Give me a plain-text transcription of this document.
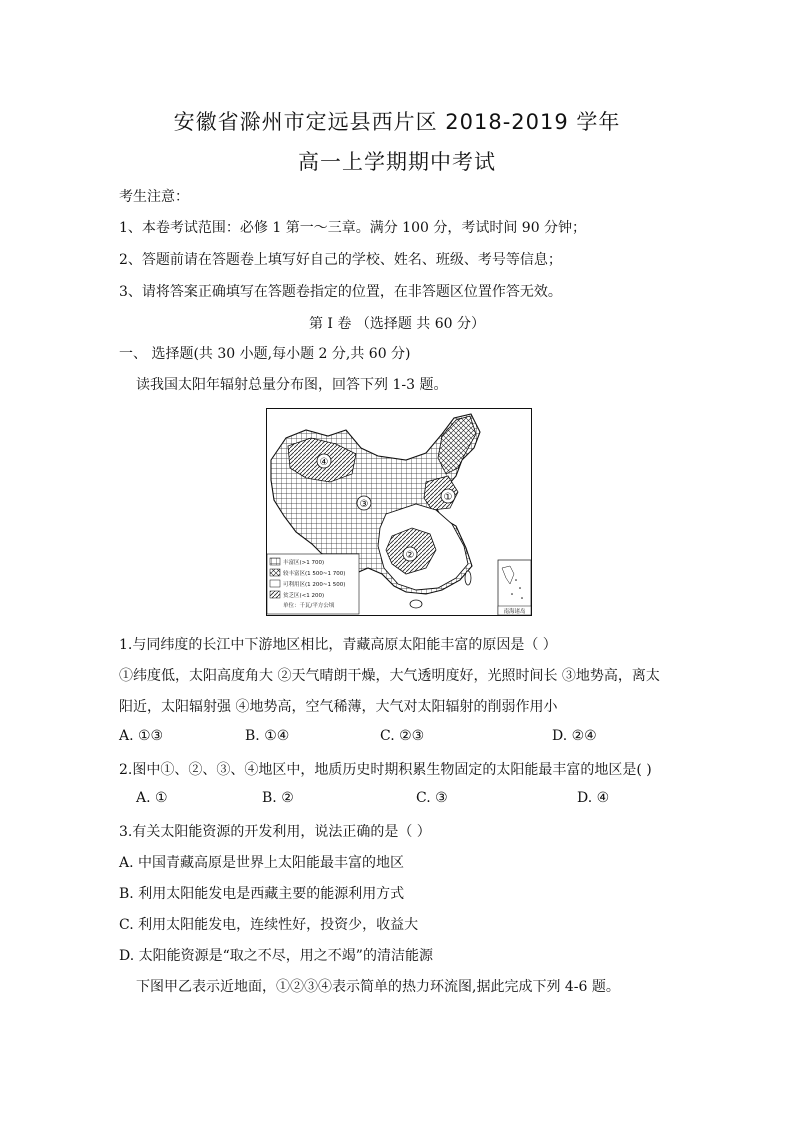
安徽省滁州市定远县西片区 2018-2019 学年
高一上学期期中考试
考生注意：
1、本卷考试范围：必修 1 第一～三章。满分 100 分，考试时间 90 分钟；
2、答题前请在答题卷上填写好自己的学校、姓名、班级、考号等信息；
3、请将答案正确填写在答题卷指定的位置，在非答题区位置作答无效。
第 I 卷 （选择题 共 60 分）
一、 选择题(共 30 小题,每小题 2 分,共 60 分)
读我国太阳年辐射总量分布图，回答下列 1-3 题。
④
③
①
②
丰富区(>1 700)
较丰富区(1 500~1 700)
可利用区(1 200~1 500)
贫乏区(<1 200)
单位：千瓦/平方公顷
南海诸岛
1.与同纬度的长江中下游地区相比，青藏高原太阳能丰富的原因是（ ）
①纬度低，太阳高度角大 ②天气晴朗干燥，大气透明度好，光照时间长 ③地势高，离太
阳近，太阳辐射强 ④地势高，空气稀薄，大气对太阳辐射的削弱作用小
A. ①③	B. ①④	C. ②③	D. ②④
2.图中①、②、③、④地区中，地质历史时期积累生物固定的太阳能最丰富的地区是( )
A. ①	B. ②	C. ③	D. ④
3.有关太阳能资源的开发利用，说法正确的是（ ）
A. 中国青藏高原是世界上太阳能最丰富的地区
B. 利用太阳能发电是西藏主要的能源利用方式
C. 利用太阳能发电，连续性好，投资少，收益大
D. 太阳能资源是“取之不尽，用之不竭”的清洁能源
下图甲乙表示近地面，①②③④表示简单的热力环流图,据此完成下列 4-6 题。
